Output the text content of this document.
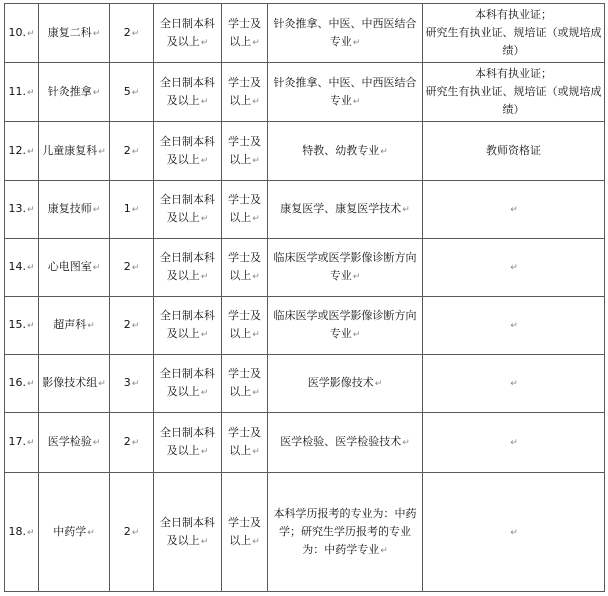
10.↵	康复二科↵	2↵	全日制本科及以上↵	学士及以上↵	针灸推拿、中医、中西医结合专业↵	本科有执业证；
研究生有执业证、规培证（或规培成绩）

11.↵	针灸推拿↵	5↵	全日制本科及以上↵	学士及以上↵	针灸推拿、中医、中西医结合专业↵	本科有执业证；
研究生有执业证、规培证（或规培成绩）

12.↵	儿童康复科↵	2↵	全日制本科及以上↵	学士及以上↵	特教、幼教专业↵	教师资格证

13.↵	康复技师↵	1↵	全日制本科及以上↵	学士及以上↵	康复医学、康复医学技术↵	↵
14.↵	心电图室↵	2↵	全日制本科及以上↵	学士及以上↵	临床医学或医学影像诊断方向专业↵	↵
15.↵	超声科↵	2↵	全日制本科及以上↵	学士及以上↵	临床医学或医学影像诊断方向专业↵	↵
16.↵	影像技术组↵	3↵	全日制本科及以上↵	学士及以上↵	医学影像技术↵	↵
17.↵	医学检验↵	2↵	全日制本科及以上↵	学士及以上↵	医学检验、医学检验技术↵	↵
18.↵	中药学↵	2↵	全日制本科及以上↵	学士及以上↵	本科学历报考的专业为：中药学；研究生学历报考的专业为：中药学专业↵	↵
